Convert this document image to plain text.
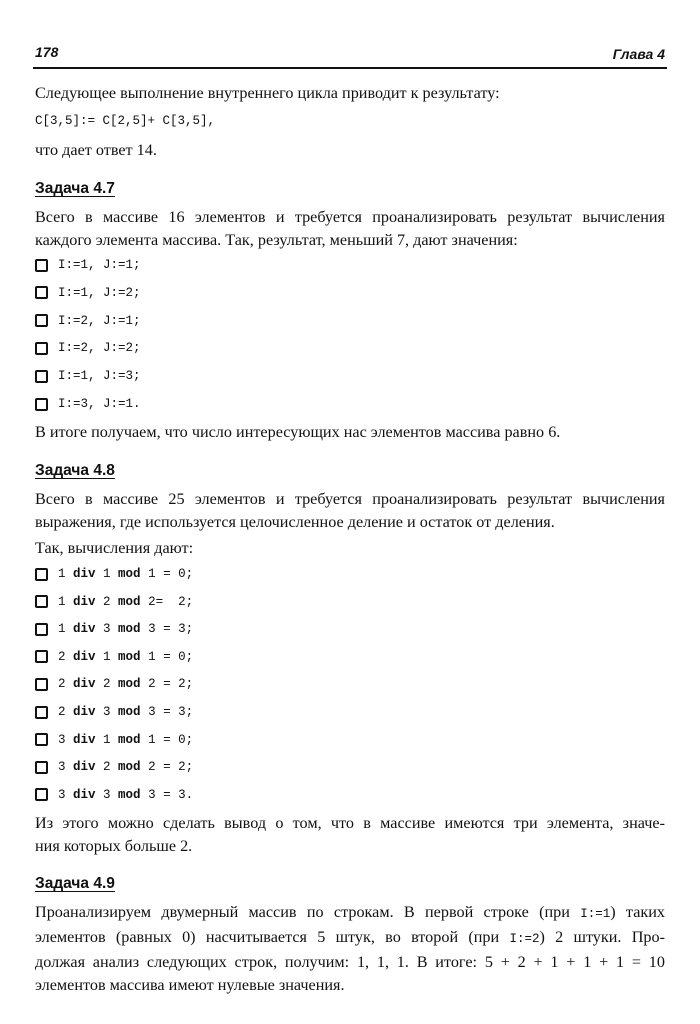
178	Глава 4
Следующее выполнение внутреннего цикла приводит к результату:
C[3,5]:= C[2,5]+ C[3,5],
что дает ответ 14.
Задача 4.7
Всего в массиве 16 элементов и требуется проанализировать результат вычисления
каждого элемента массива. Так, результат, меньший 7, дают значения:
I:=1, J:=1;
I:=1, J:=2;
I:=2, J:=1;
I:=2, J:=2;
I:=1, J:=3;
I:=3, J:=1.
В итоге получаем, что число интересующих нас элементов массива равно 6.
Задача 4.8
Всего в массиве 25 элементов и требуется проанализировать результат вычисления
выражения, где используется целочисленное деление и остаток от деления.
Так, вычисления дают:
1 div 1 mod 1 = 0;
1 div 2 mod 2=  2;
1 div 3 mod 3 = 3;
2 div 1 mod 1 = 0;
2 div 2 mod 2 = 2;
2 div 3 mod 3 = 3;
3 div 1 mod 1 = 0;
3 div 2 mod 2 = 2;
3 div 3 mod 3 = 3.
Из этого можно сделать вывод о том, что в массиве имеются три элемента, значе-
ния которых больше 2.
Задача 4.9
Проанализируем двумерный массив по строкам. В первой строке (при I:=1) таких
элементов (равных 0) насчитывается 5 штук, во второй (при I:=2) 2 штуки. Про-
должая анализ следующих строк, получим: 1, 1, 1. В итоге: 5 + 2 + 1 + 1 + 1 = 10
элементов массива имеют нулевые значения.
